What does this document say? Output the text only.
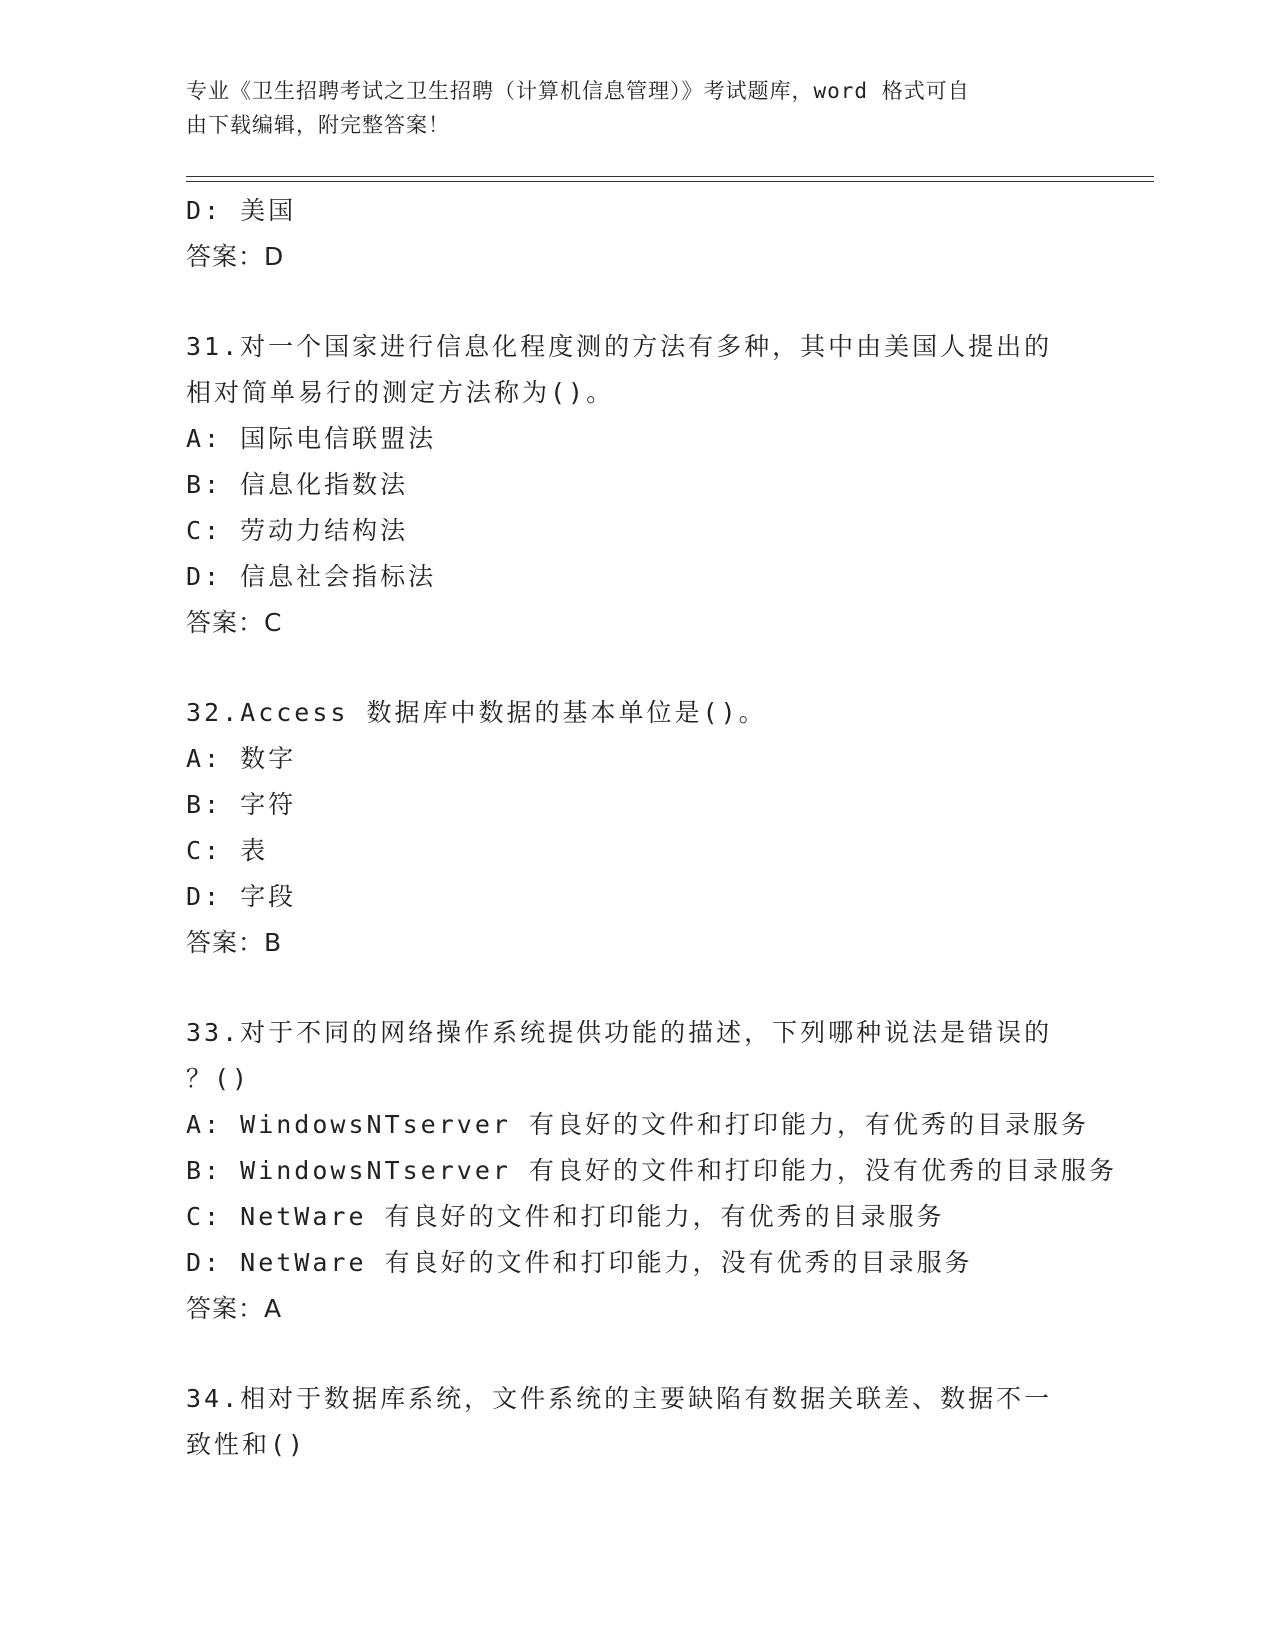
专业《卫生招聘考试之卫生招聘（计算机信息管理）》考试题库，word 格式可自
由下载编辑，附完整答案！
D: 美国
答案：D
31.对一个国家进行信息化程度测的方法有多种，其中由美国人提出的
相对简单易行的测定方法称为()。
A: 国际电信联盟法
B: 信息化指数法
C: 劳动力结构法
D: 信息社会指标法
答案：C
32.Access 数据库中数据的基本单位是()。
A: 数字
B: 字符
C: 表
D: 字段
答案：B
33.对于不同的网络操作系统提供功能的描述，下列哪种说法是错误的
？()
A: WindowsNTserver 有良好的文件和打印能力，有优秀的目录服务
B: WindowsNTserver 有良好的文件和打印能力，没有优秀的目录服务
C: NetWare 有良好的文件和打印能力，有优秀的目录服务
D: NetWare 有良好的文件和打印能力，没有优秀的目录服务
答案：A
34.相对于数据库系统，文件系统的主要缺陷有数据关联差、数据不一
致性和()
